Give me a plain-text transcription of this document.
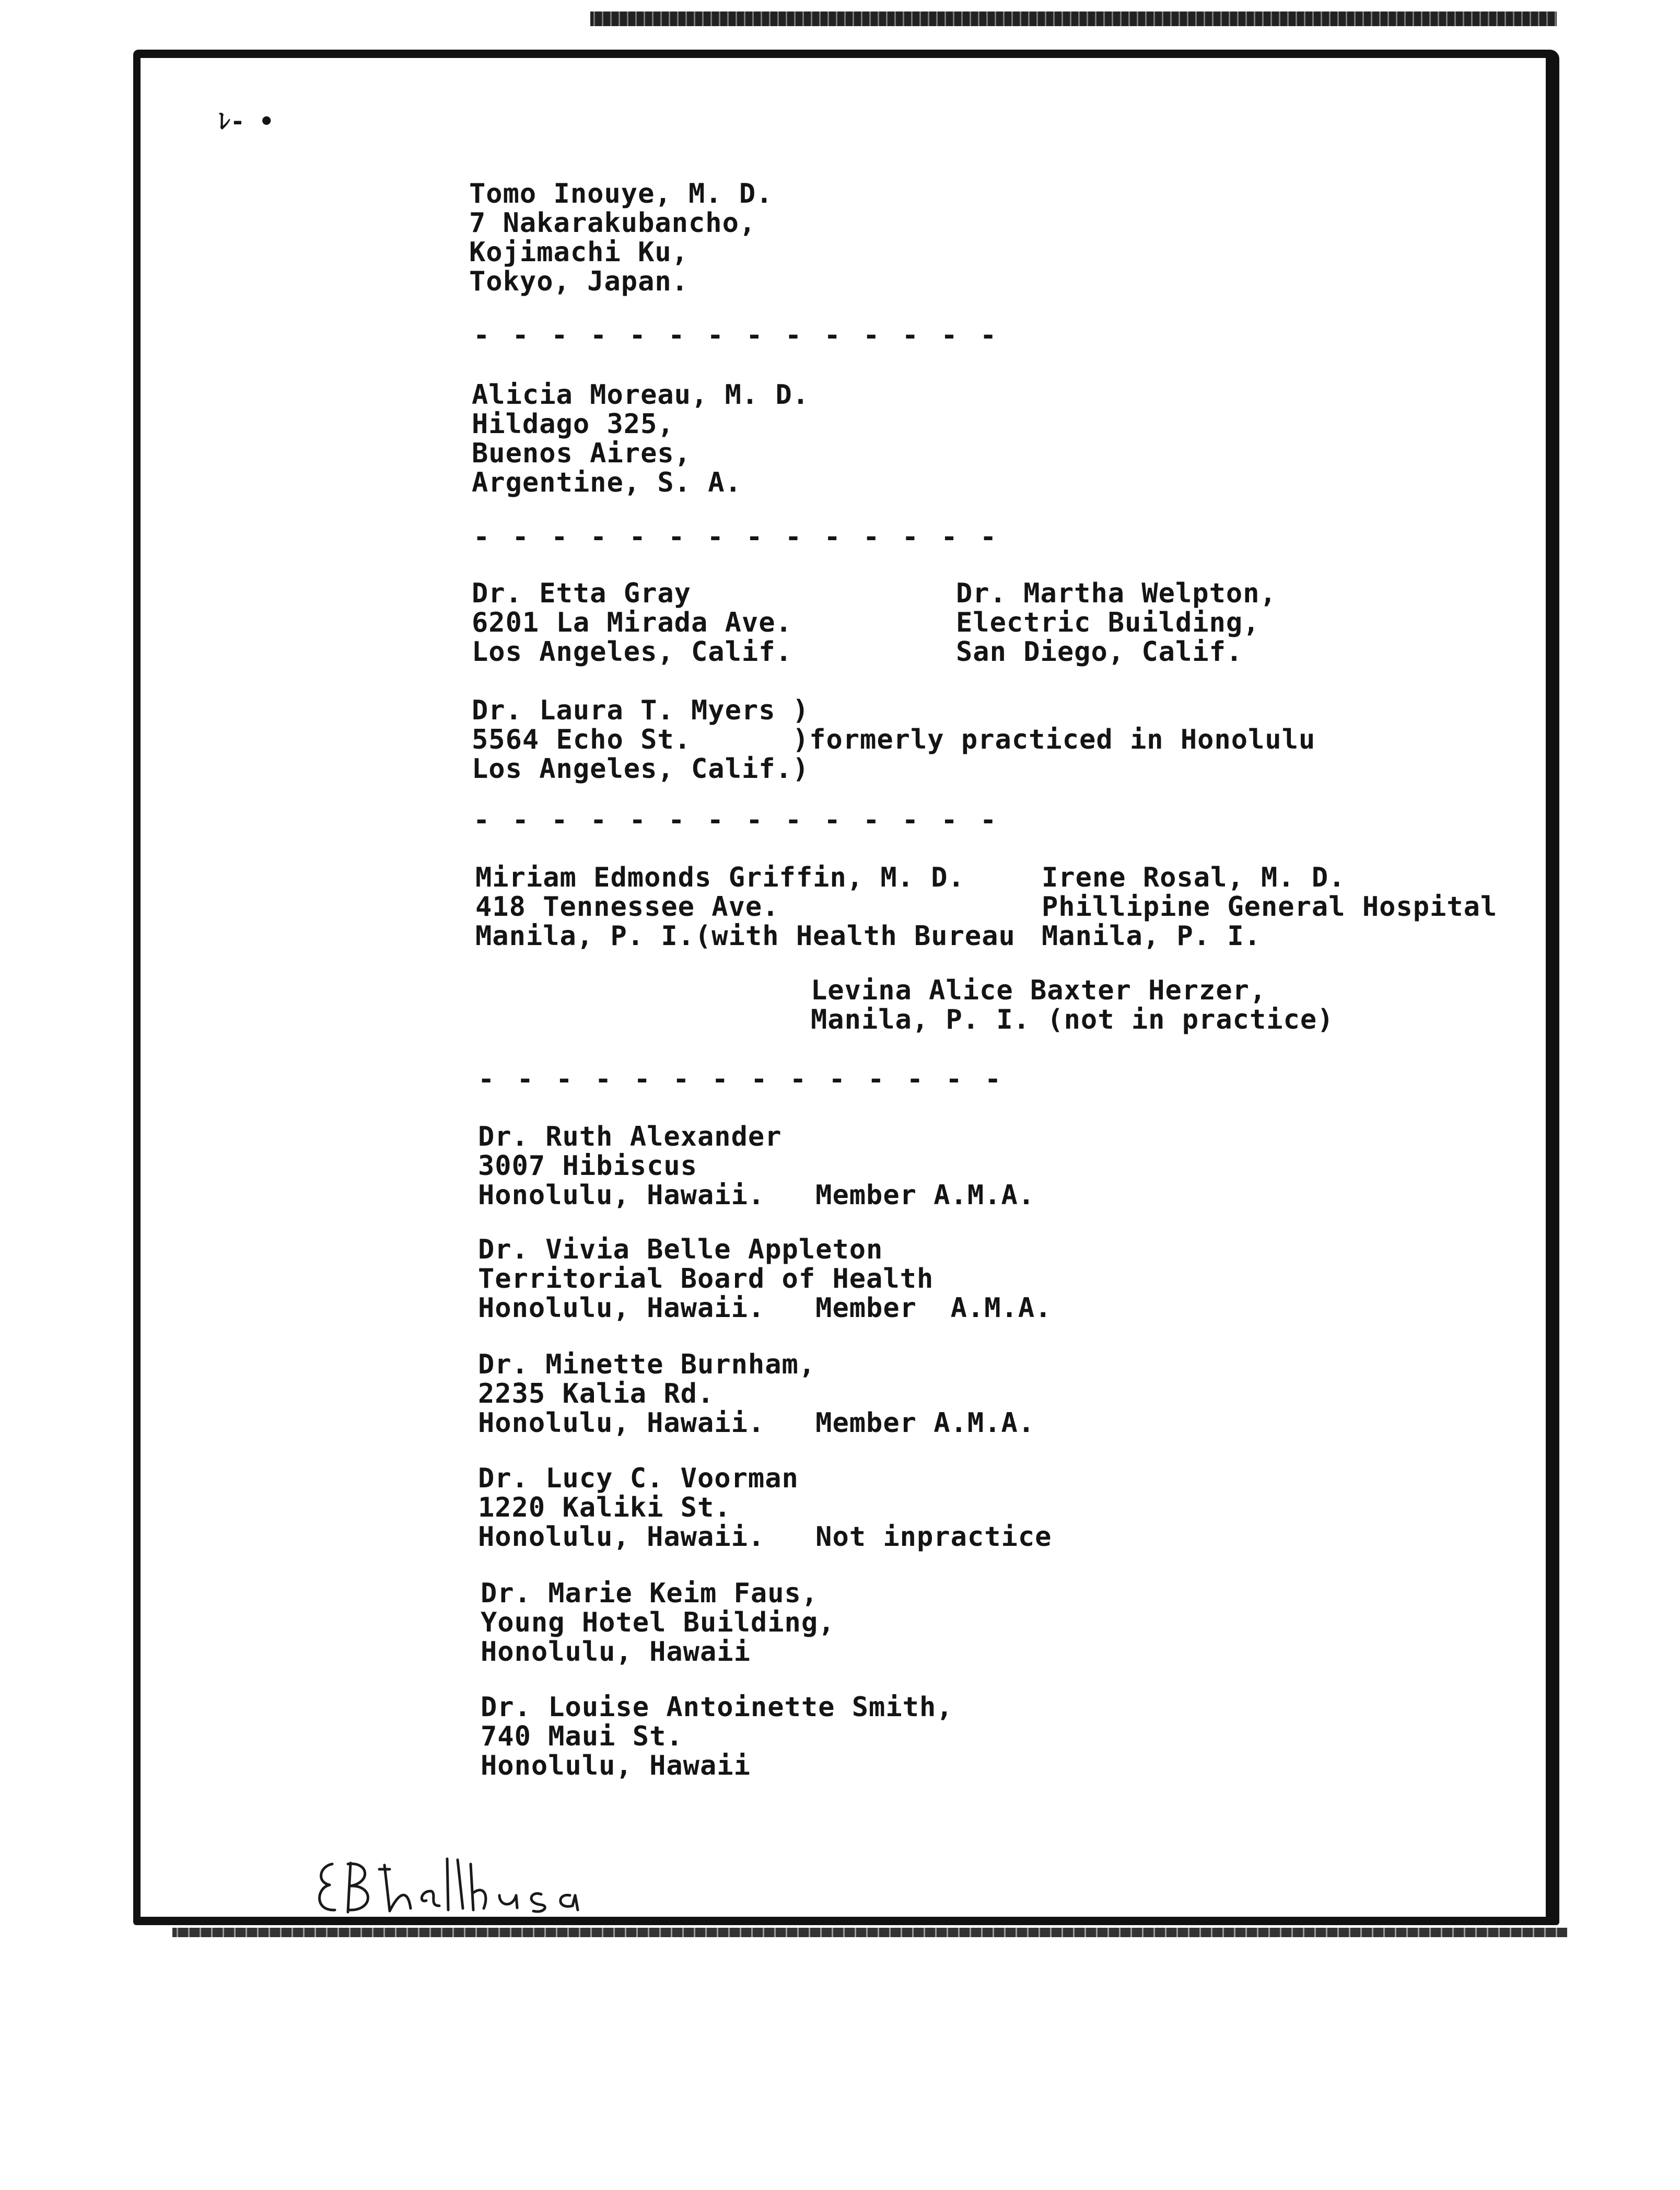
ﾚ- •
Tomo Inouye, M. D.
7 Nakarakubancho,
Kojimachi Ku,
Tokyo, Japan.
- - - - - - - - - - - - - -
Alicia Moreau, M. D.
Hildago 325,
Buenos Aires,
Argentine, S. A.
- - - - - - - - - - - - - -
Dr. Etta Gray
6201 La Mirada Ave.
Los Angeles, Calif.
Dr. Martha Welpton,
Electric Building,
San Diego, Calif.
Dr. Laura T. Myers )
5564 Echo St.      )formerly practiced in Honolulu
Los Angeles, Calif.)
- - - - - - - - - - - - - -
Miriam Edmonds Griffin, M. D.
418 Tennessee Ave.
Manila, P. I.(with Health Bureau
Irene Rosal, M. D.
Phillipine General Hospital
Manila, P. I.
Levina Alice Baxter Herzer,
Manila, P. I. (not in practice)
- - - - - - - - - - - - - -
Dr. Ruth Alexander
3007 Hibiscus
Honolulu, Hawaii.   Member A.M.A.
Dr. Vivia Belle Appleton
Territorial Board of Health
Honolulu, Hawaii.   Member  A.M.A.
Dr. Minette Burnham,
2235 Kalia Rd.
Honolulu, Hawaii.   Member A.M.A.
Dr. Lucy C. Voorman
1220 Kaliki St.
Honolulu, Hawaii.   Not inpractice
Dr. Marie Keim Faus,
Young Hotel Building,
Honolulu, Hawaii
Dr. Louise Antoinette Smith,
740 Maui St.
Honolulu, Hawaii
